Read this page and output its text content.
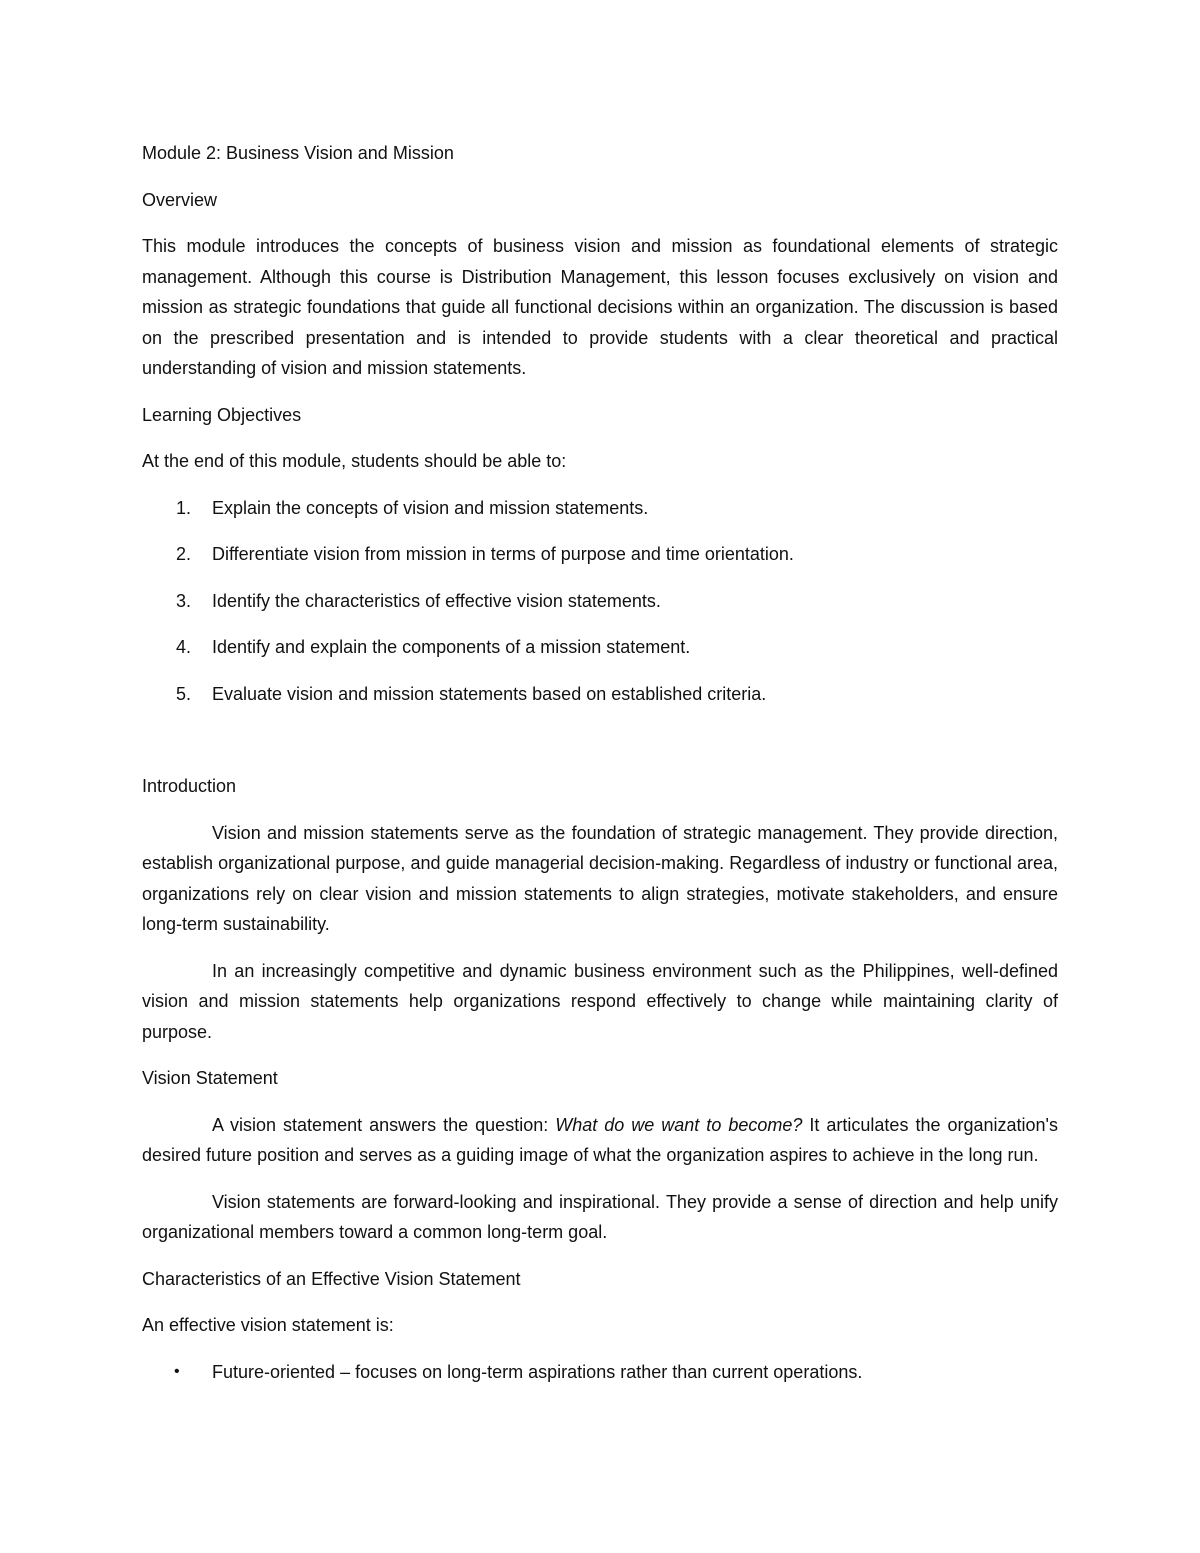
Module 2: Business Vision and Mission

Overview

This module introduces the concepts of business vision and mission as foundational elements of strategic management. Although this course is Distribution Management, this lesson focuses exclusively on vision and mission as strategic foundations that guide all functional decisions within an organization. The discussion is based on the prescribed presentation and is intended to provide students with a clear theoretical and practical understanding of vision and mission statements.

Learning Objectives

At the end of this module, students should be able to:

1. Explain the concepts of vision and mission statements.
2. Differentiate vision from mission in terms of purpose and time orientation.
3. Identify the characteristics of effective vision statements.
4. Identify and explain the components of a mission statement.
5. Evaluate vision and mission statements based on established criteria.

Introduction

Vision and mission statements serve as the foundation of strategic management. They provide direction, establish organizational purpose, and guide managerial decision-making. Regardless of industry or functional area, organizations rely on clear vision and mission statements to align strategies, motivate stakeholders, and ensure long-term sustainability.

In an increasingly competitive and dynamic business environment such as the Philippines, well-defined vision and mission statements help organizations respond effectively to change while maintaining clarity of purpose.

Vision Statement

A vision statement answers the question: What do we want to become? It articulates the organization's desired future position and serves as a guiding image of what the organization aspires to achieve in the long run.

Vision statements are forward-looking and inspirational. They provide a sense of direction and help unify organizational members toward a common long-term goal.

Characteristics of an Effective Vision Statement

An effective vision statement is:

• Future-oriented – focuses on long-term aspirations rather than current operations.
